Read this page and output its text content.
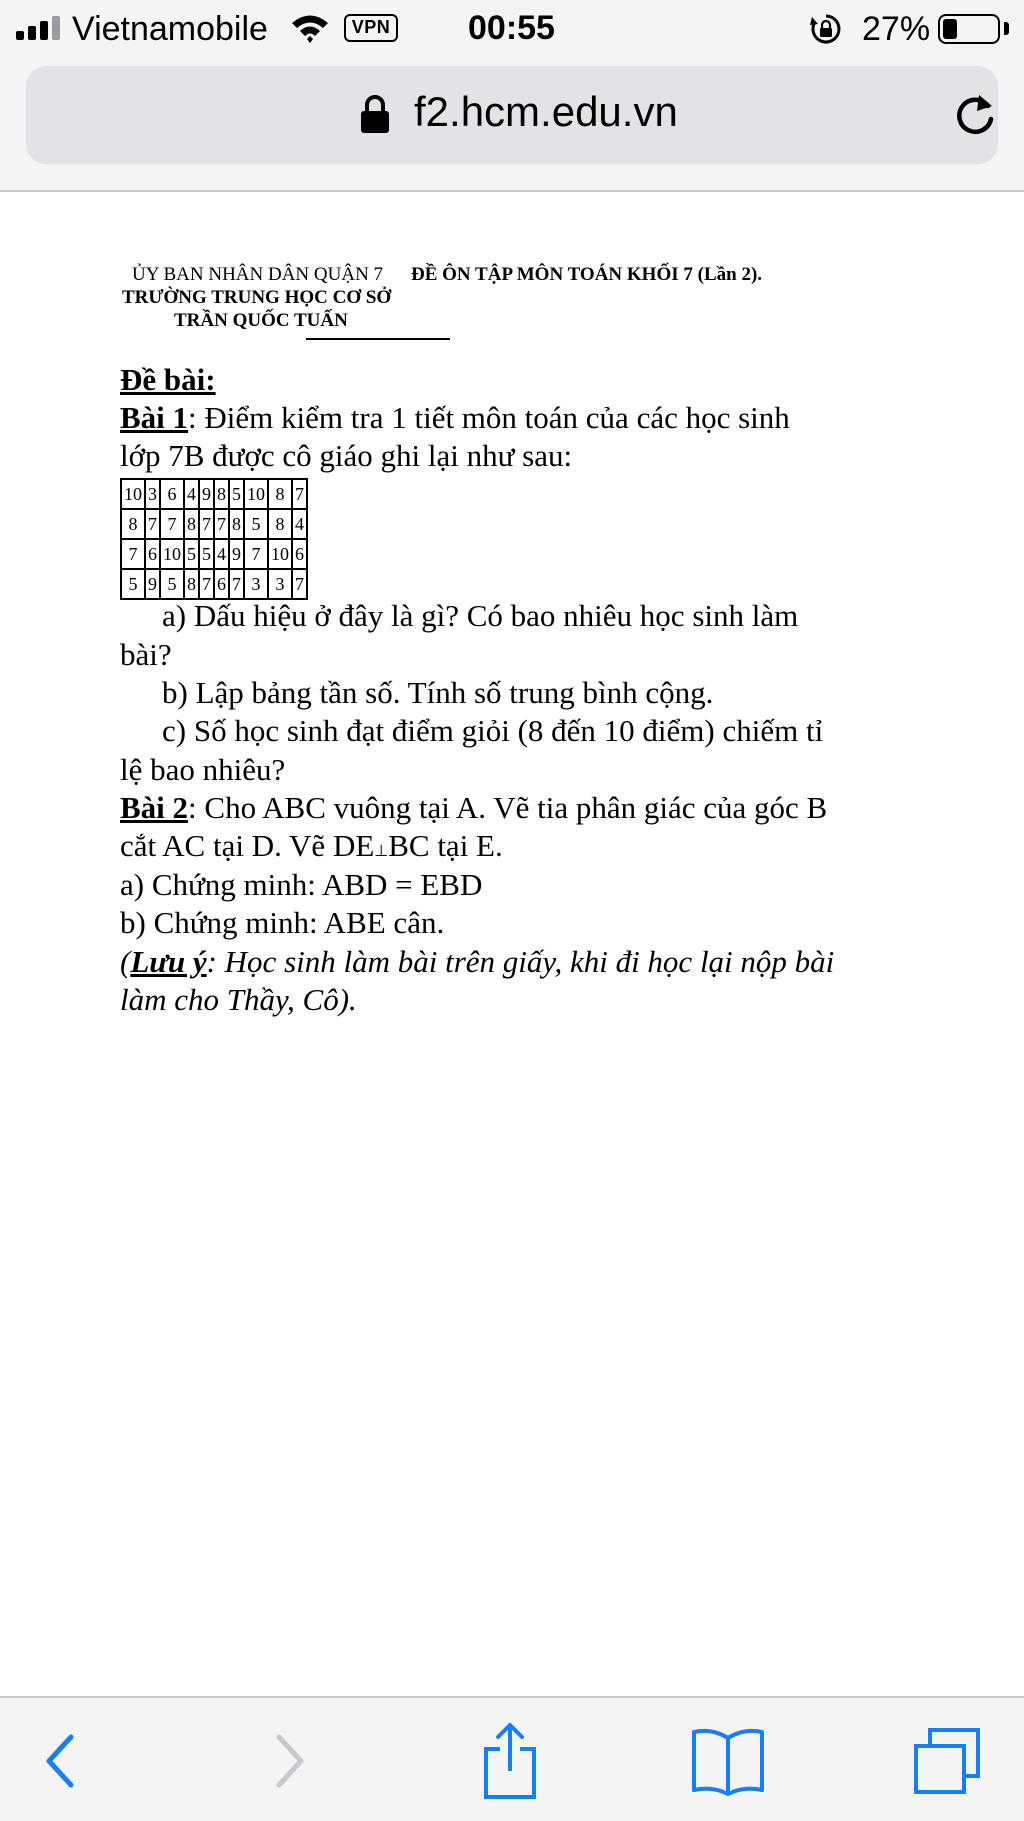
Vietnamobile	VPN 00:55	27%
f2.hcm.edu.vn
ỦY BAN NHÂN DÂN QUẬN 7 ĐỀ ÔN TẬP MÔN TOÁN KHỐI 7 (Lần 2).
TRƯỜNG TRUNG HỌC CƠ SỞ
TRẦN QUỐC TUẤN
Đề bài:
Bài 1: Điểm kiểm tra 1 tiết môn toán của các học sinh
lớp 7B được cô giáo ghi lại như sau:
10	3	6	4	9	8	5	10	8	7
8	7	7	8	7	7	8	5	8	4
7	6	10	5	5	4	9	7	10	6
5	9	5	8	7	6	7	3	3	7
a) Dấu hiệu ở đây là gì? Có bao nhiêu học sinh làm
bài?
b) Lập bảng tần số. Tính số trung bình cộng.
c) Số học sinh đạt điểm giỏi (8 đến 10 điểm) chiếm tỉ
lệ bao nhiêu?
Bài 2: Cho ABC vuông tại A. Vẽ tia phân giác của góc B
cắt AC tại D. Vẽ DE⊥BC tại E.
a) Chứng minh: ABD = EBD
b) Chứng minh: ABE cân.
(Lưu ý: Học sinh làm bài trên giấy, khi đi học lại nộp bài
làm cho Thầy, Cô).
